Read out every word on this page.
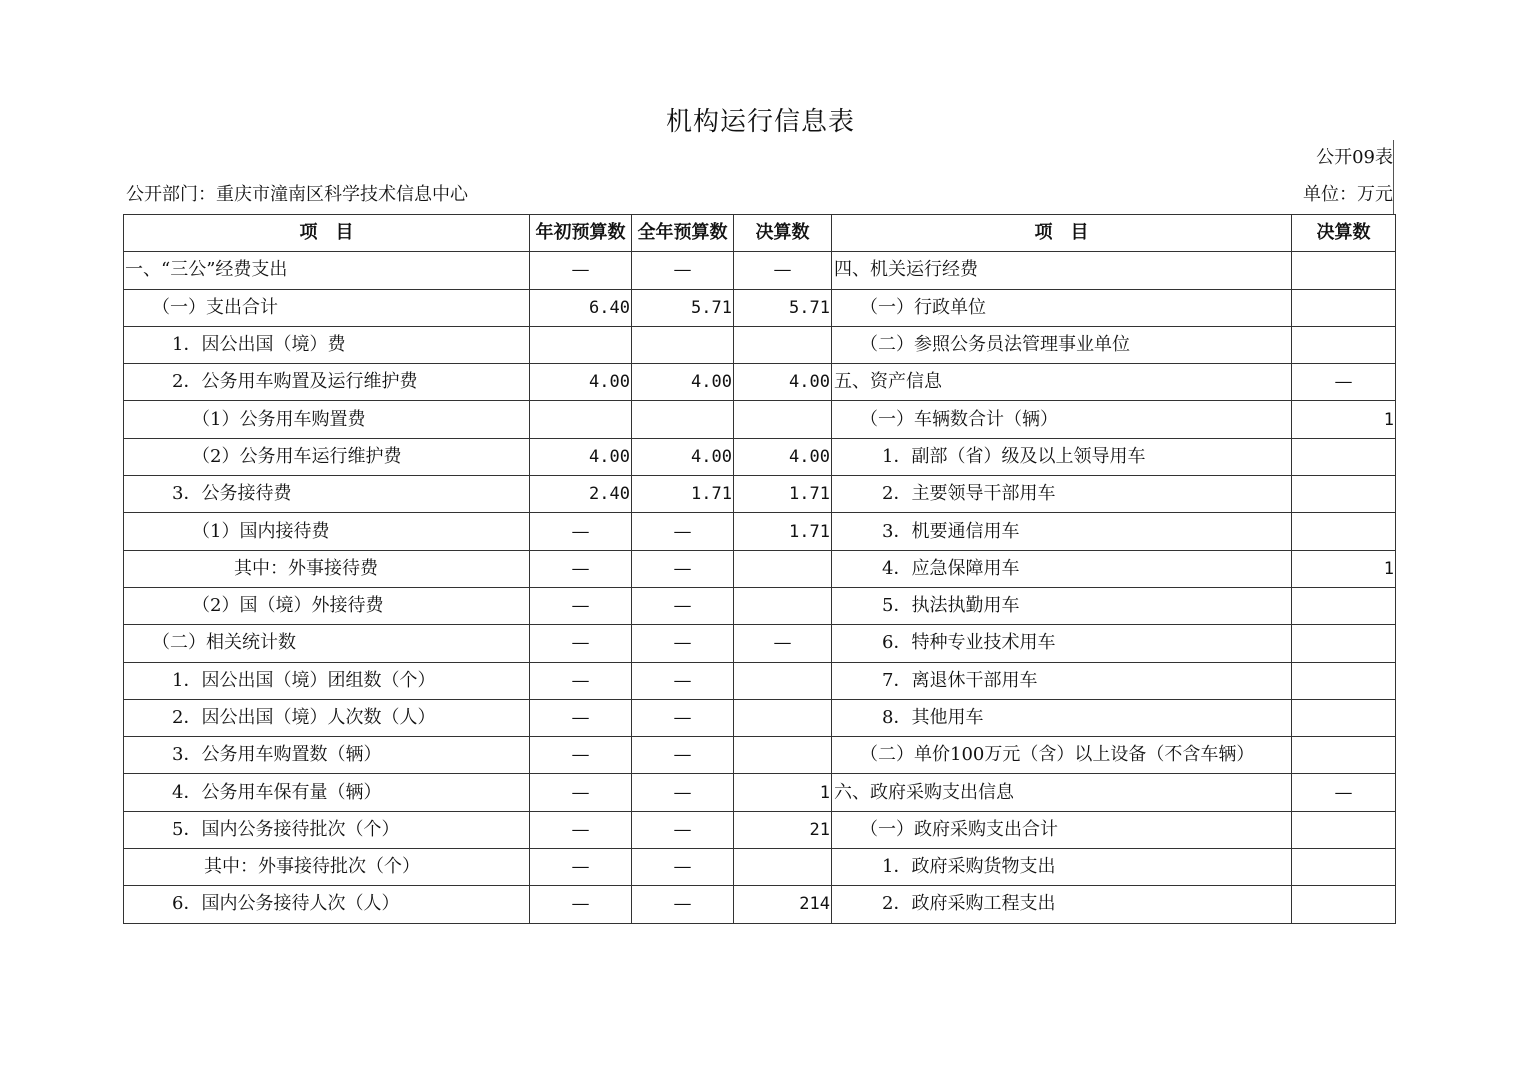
机构运行信息表
公开09表
公开部门：重庆市潼南区科学技术信息中心	单位：万元
项　目	年初预算数	全年预算数	决算数	项　目	决算数
一、“三公”经费支出	—	—	—	四、机关运行经费	
（一）支出合计	6.40	5.71	5.71	（一）行政单位	
1．因公出国（境）费				（二）参照公务员法管理事业单位	
2．公务用车购置及运行维护费	4.00	4.00	4.00	五、资产信息	—
（1）公务用车购置费				（一）车辆数合计（辆）	1
（2）公务用车运行维护费	4.00	4.00	4.00	1．副部（省）级及以上领导用车	
3．公务接待费	2.40	1.71	1.71	2．主要领导干部用车	
（1）国内接待费	—	—	1.71	3．机要通信用车	
其中：外事接待费	—	—		4．应急保障用车	1
（2）国（境）外接待费	—	—		5．执法执勤用车	
（二）相关统计数	—	—	—	6．特种专业技术用车	
1．因公出国（境）团组数（个）	—	—		7．离退休干部用车	
2．因公出国（境）人次数（人）	—	—		8．其他用车	
3．公务用车购置数（辆）	—	—		（二）单价100万元（含）以上设备（不含车辆）	
4．公务用车保有量（辆）	—	—	1	六、政府采购支出信息	—
5．国内公务接待批次（个）	—	—	21	（一）政府采购支出合计	
其中：外事接待批次（个）	—	—		1．政府采购货物支出	
6．国内公务接待人次（人）	—	—	214	2．政府采购工程支出	
